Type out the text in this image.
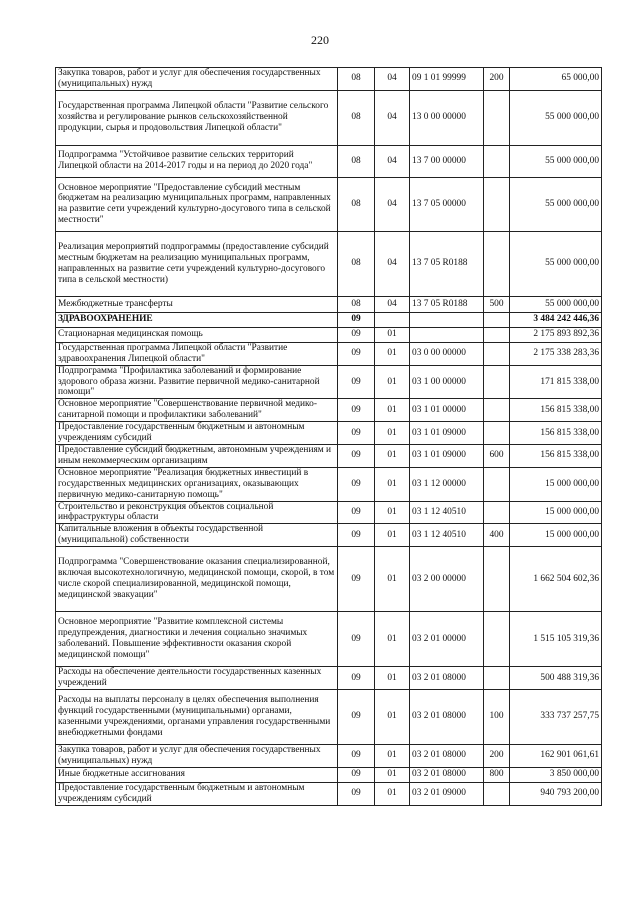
220
Закупка товаров, работ и услуг для обеспечения государственных (муниципальных) нужд	08	04	09 1 01 99999	200	65 000,00
Государственная программа Липецкой области "Развитие сельского хозяйства и регулирование рынков сельскохозяйственной продукции, сырья и продовольствия Липецкой области"	08	04	13 0 00 00000		55 000 000,00
Подпрограмма "Устойчивое развитие сельских территорий Липецкой области на 2014-2017 годы и на период до 2020 года"	08	04	13 7 00 00000		55 000 000,00
Основное мероприятие "Предоставление субсидий местным бюджетам на реализацию муниципальных программ, направленных на развитие сети учреждений культурно-досугового типа в сельской местности"	08	04	13 7 05 00000		55 000 000,00
Реализация мероприятий подпрограммы (предоставление субсидий местным бюджетам на реализацию муниципальных программ, направленных на развитие сети учреждений культурно-досугового типа в сельской местности)	08	04	13 7 05 R0188		55 000 000,00
Межбюджетные трансферты	08	04	13 7 05 R0188	500	55 000 000,00
ЗДРАВООХРАНЕНИЕ	09				3 484 242 446,36
Стационарная медицинская помощь	09	01			2 175 893 892,36
Государственная программа Липецкой области "Развитие здравоохранения Липецкой области"	09	01	03 0 00 00000		2 175 338 283,36
Подпрограмма "Профилактика заболеваний и формирование здорового образа жизни. Развитие первичной медико-санитарной помощи"	09	01	03 1 00 00000		171 815 338,00
Основное мероприятие "Совершенствование первичной медико-санитарной помощи и профилактики заболеваний"	09	01	03 1 01 00000		156 815 338,00
Предоставление государственным бюджетным и автономным учреждениям субсидий	09	01	03 1 01 09000		156 815 338,00
Предоставление субсидий бюджетным, автономным учреждениям и иным некоммерческим организациям	09	01	03 1 01 09000	600	156 815 338,00
Основное мероприятие "Реализация бюджетных инвестиций в государственных медицинских организациях, оказывающих первичную медико-санитарную помощь"	09	01	03 1 12 00000		15 000 000,00
Строительство и реконструкция объектов социальной инфраструктуры области	09	01	03 1 12 40510		15 000 000,00
Капитальные вложения в объекты государственной (муниципальной) собственности	09	01	03 1 12 40510	400	15 000 000,00
Подпрограмма "Совершенствование оказания специализированной, включая высокотехнологичную, медицинской помощи, скорой, в том числе скорой специализированной, медицинской помощи, медицинской эвакуации"	09	01	03 2 00 00000		1 662 504 602,36
Основное мероприятие "Развитие комплексной системы предупреждения, диагностики и лечения социально значимых заболеваний. Повышение эффективности оказания скорой медицинской помощи"	09	01	03 2 01 00000		1 515 105 319,36
Расходы на обеспечение деятельности государственных казенных учреждений	09	01	03 2 01 08000		500 488 319,36
Расходы на выплаты персоналу в целях обеспечения выполнения функций государственными (муниципальными) органами, казенными учреждениями, органами управления государственными внебюджетными фондами	09	01	03 2 01 08000	100	333 737 257,75
Закупка товаров, работ и услуг для обеспечения государственных (муниципальных) нужд	09	01	03 2 01 08000	200	162 901 061,61
Иные бюджетные ассигнования	09	01	03 2 01 08000	800	3 850 000,00
Предоставление государственным бюджетным и автономным учреждениям субсидий	09	01	03 2 01 09000		940 793 200,00
